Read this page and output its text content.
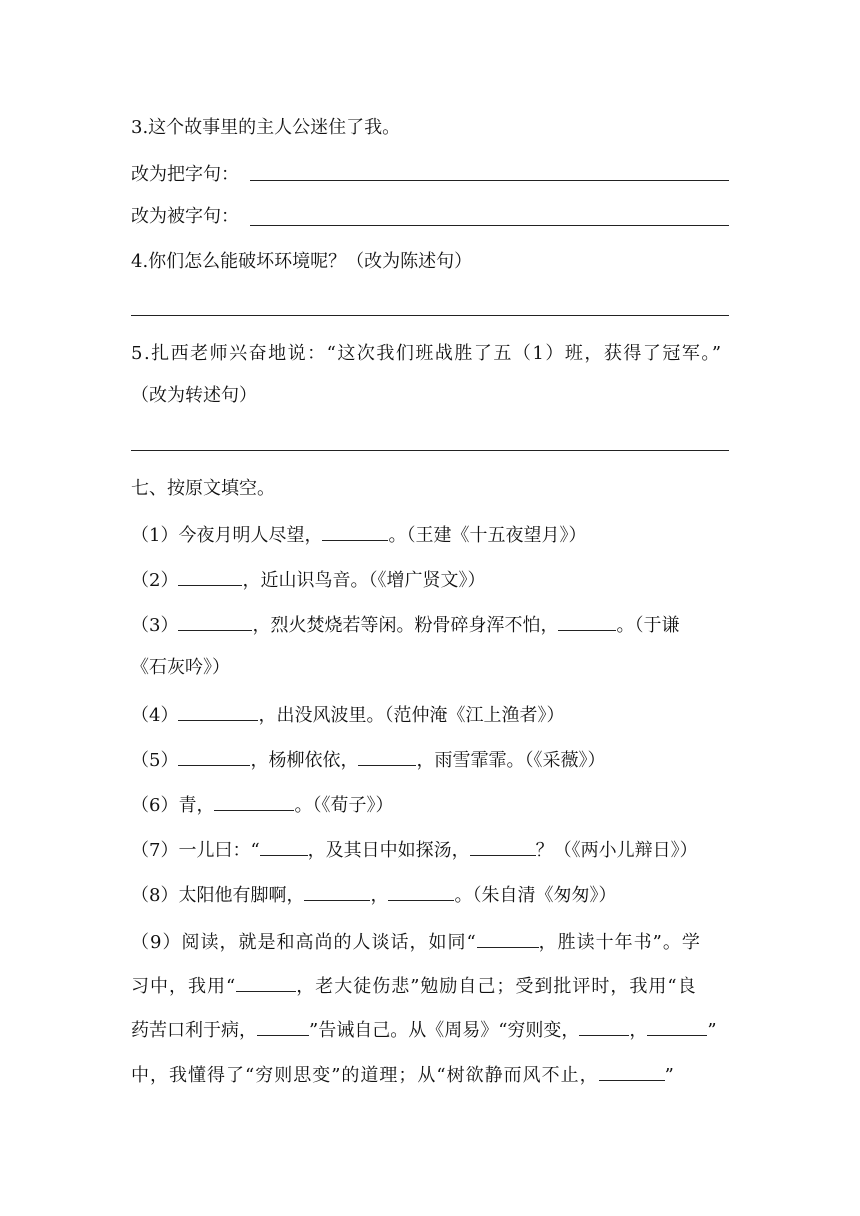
3.这个故事里的主人公迷住了我。
改为把字句：
改为被字句：
4.你们怎么能破坏环境呢？（改为陈述句）
5.扎西老师兴奋地说：“这次我们班战胜了五（1）班，获得了冠军。”
（改为转述句）
七、按原文填空。
（1）今夜月明人尽望，	。（王建《十五夜望月》）
（2）	，近山识鸟音。（《增广贤文》）
（3）	，烈火焚烧若等闲。粉骨碎身浑不怕，	。（于谦
《石灰吟》）
（4）	，出没风波里。（范仲淹《江上渔者》）
（5）	，杨柳依依，	，雨雪霏霏。（《采薇》）
（6）青，	。（《荀子》）
（7）一儿曰：“	，及其日中如探汤，	？（《两小儿辩日》）
（8）太阳他有脚啊，	，	。（朱自清《匆匆》）
（9）阅读，就是和高尚的人谈话，如同“	，胜读十年书”。学
习中，我用“	，老大徒伤悲”勉励自己；受到批评时，我用“良
药苦口利于病，	”告诫自己。从《周易》“穷则变，	，	”
中，我懂得了“穷则思变”的道理；从“树欲静而风不止，	”
